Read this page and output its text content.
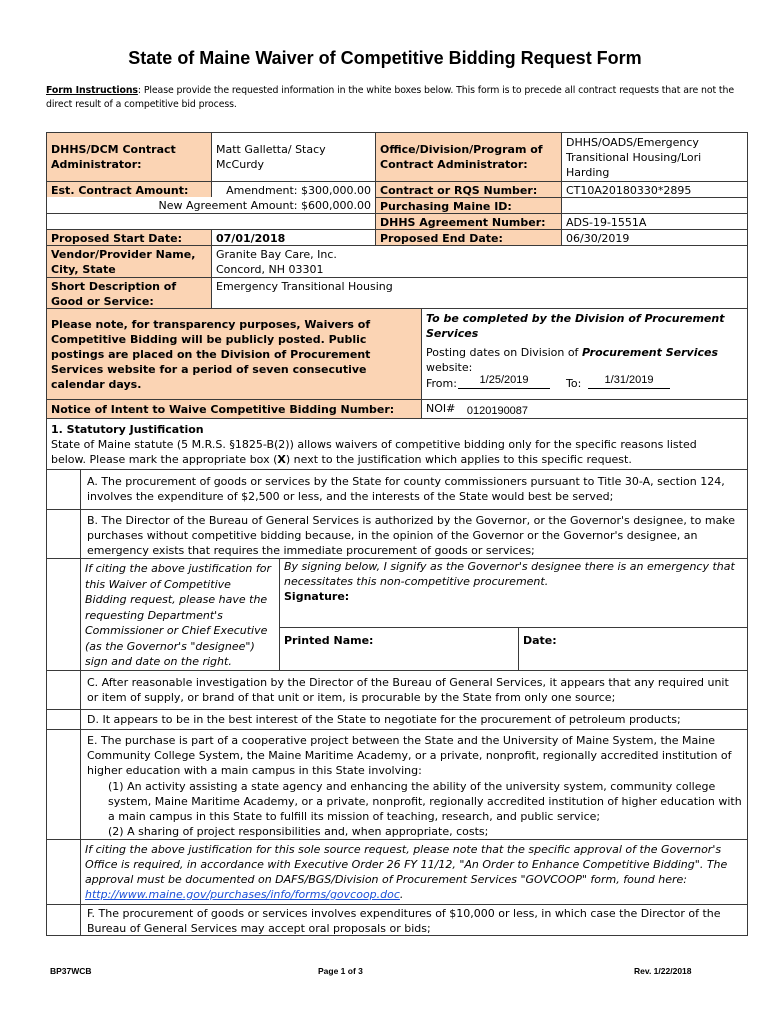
State of Maine Waiver of Competitive Bidding Request Form
Form Instructions: Please provide the requested information in the white boxes below. This form is to precede all contract requests that are not the direct result of a competitive bid process.
DHHS/DCM Contract Administrator:
Matt Galletta/ Stacy McCurdy
Office/Division/Program of Contract Administrator:
DHHS/OADS/Emergency Transitional Housing/Lori Harding
Est. Contract Amount:	Amendment: $300,000.00
New Agreement Amount: $600,000.00
Contract or RQS Number:	CT10A20180330*2895
Purchasing Maine ID:
DHHS Agreement Number:	ADS-19-1551A
Proposed Start Date:	07/01/2018	Proposed End Date:	06/30/2019
Vendor/Provider Name, City, State
Granite Bay Care, Inc.
Concord, NH 03301
Short Description of Good or Service:
Emergency Transitional Housing
Please note, for transparency purposes, Waivers of Competitive Bidding will be publicly posted. Public postings are placed on the Division of Procurement Services website for a period of seven consecutive calendar days.
To be completed by the Division of Procurement Services
Posting dates on Division of Procurement Services
website:
From:	1/25/2019	To:	1/31/2019
Notice of Intent to Waive Competitive Bidding Number:	NOI# 0120190087
1. Statutory Justification
State of Maine statute (5 M.R.S. §1825-B(2)) allows waivers of competitive bidding only for the specific reasons listed
below. Please mark the appropriate box (X) next to the justification which applies to this specific request.
A. The procurement of goods or services by the State for county commissioners pursuant to Title 30-A, section 124, involves the expenditure of $2,500 or less, and the interests of the State would best be served;
B. The Director of the Bureau of General Services is authorized by the Governor, or the Governor's designee, to make purchases without competitive bidding because, in the opinion of the Governor or the Governor's designee, an emergency exists that requires the immediate procurement of goods or services;
If citing the above justification for this Waiver of Competitive Bidding request, please have the requesting Department's Commissioner or Chief Executive (as the Governor's "designee") sign and date on the right.
By signing below, I signify as the Governor's designee there is an emergency that necessitates this non-competitive procurement.
Signature:
Printed Name:	Date:
C. After reasonable investigation by the Director of the Bureau of General Services, it appears that any required unit or item of supply, or brand of that unit or item, is procurable by the State from only one source;
D. It appears to be in the best interest of the State to negotiate for the procurement of petroleum products;
E. The purchase is part of a cooperative project between the State and the University of Maine System, the Maine Community College System, the Maine Maritime Academy, or a private, nonprofit, regionally accredited institution of higher education with a main campus in this State involving:
(1) An activity assisting a state agency and enhancing the ability of the university system, community college system, Maine Maritime Academy, or a private, nonprofit, regionally accredited institution of higher education with a main campus in this State to fulfill its mission of teaching, research, and public service;
(2) A sharing of project responsibilities and, when appropriate, costs;
If citing the above justification for this sole source request, please note that the specific approval of the Governor's Office is required, in accordance with Executive Order 26 FY 11/12, "An Order to Enhance Competitive Bidding". The approval must be documented on DAFS/BGS/Division of Procurement Services "GOVCOOP" form, found here: http://www.maine.gov/purchases/info/forms/govcoop.doc.
F. The procurement of goods or services involves expenditures of $10,000 or less, in which case the Director of the Bureau of General Services may accept oral proposals or bids;
BP37WCB	Page 1 of 3	Rev. 1/22/2018
